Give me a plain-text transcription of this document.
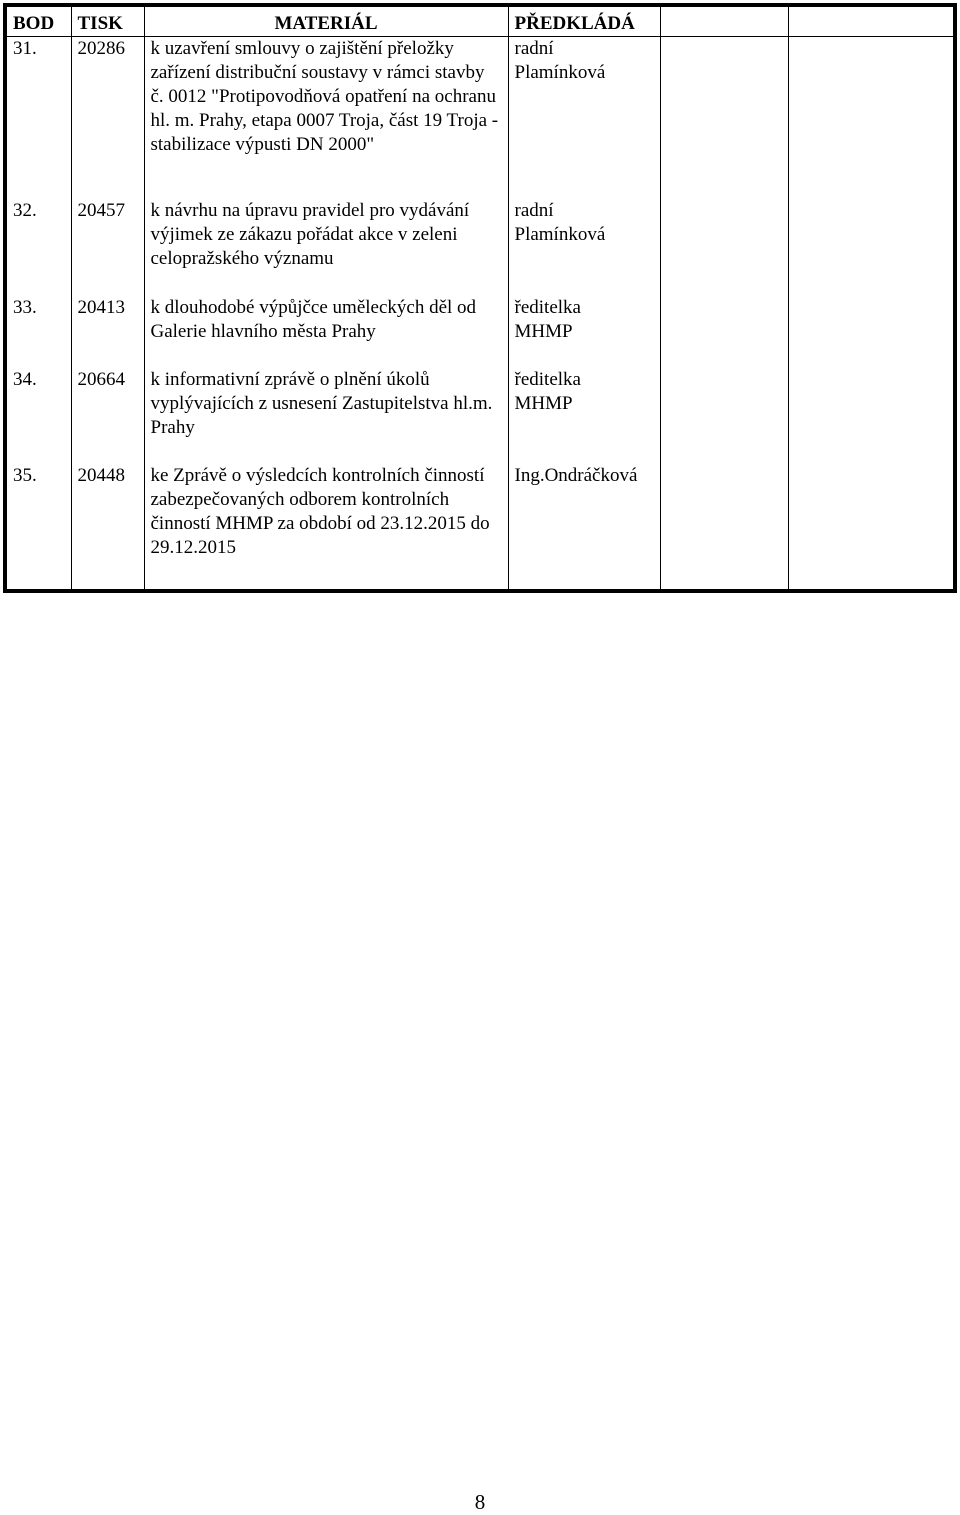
BOD	TISK	MATERIÁL	PŘEDKLÁDÁ		
31.	20286	k uzavření smlouvy o zajištění přeložky zařízení distribuční soustavy v rámci stavby č. 0012 "Protipovodňová opatření na ochranu hl. m. Prahy, etapa 0007 Troja, část 19 Troja - stabilizace výpusti DN 2000"	radní
Plamínková		

32.	20457	k návrhu na úpravu pravidel pro vydávání výjimek ze zákazu pořádat akce v zeleni celopražského významu	radní
Plamínková		

33.	20413	k dlouhodobé výpůjčce uměleckých děl od Galerie hlavního města Prahy	ředitelka
MHMP		

34.	20664	k informativní zprávě o plnění úkolů vyplývajících z usnesení Zastupitelstva hl.m. Prahy	ředitelka
MHMP		

35.	20448	ke Zprávě o výsledcích kontrolních činností zabezpečovaných odborem kontrolních činností MHMP za období od 23.12.2015 do 29.12.2015	Ing.Ondráčková		

8
